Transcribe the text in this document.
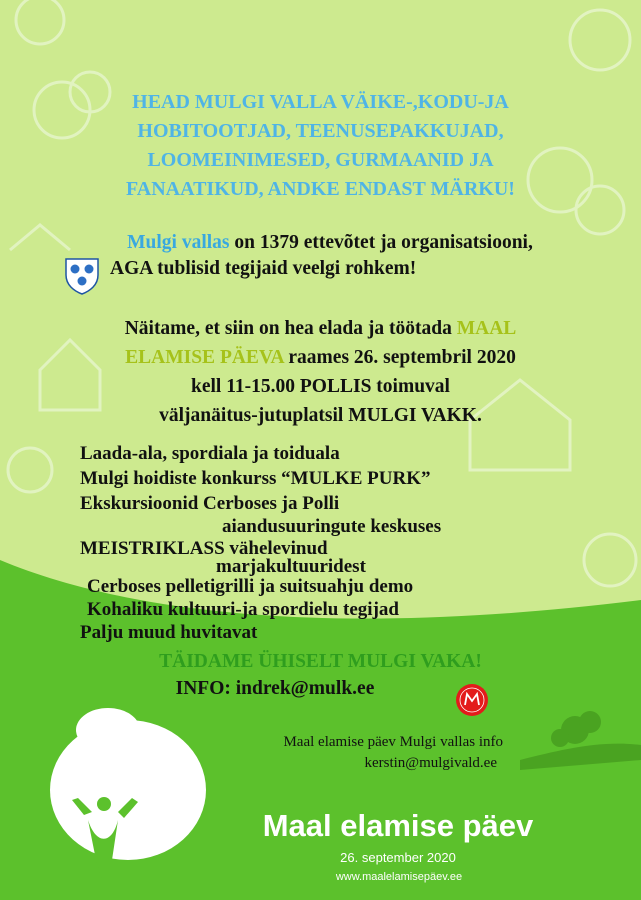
HEAD MULGI VALLA VÄIKE-,KODU-JA
HOBITOOTJAD, TEENUSEPAKKUJAD,
LOOMEINIMESED, GURMAANID JA
FANAATIKUD, ANDKE ENDAST MÄRKU!
Mulgi vallas on 1379 ettevõtet ja organisatsiooni,
AGA tublisid tegijaid veelgi rohkem!
Näitame, et siin on hea elada ja töötada MAAL
ELAMISE PÄEVA raames 26. septembril 2020
kell 11-15.00 POLLIS toimuval
väljanäitus-jutuplatsil MULGI VAKK.
Laada-ala, spordiala ja toiduala
Mulgi hoidiste konkurss “MULKE PURK”
Ekskursioonid Cerboses ja Polli
aiandusuuringute keskuses
MEISTRIKLASS vähelevinud
marjakultuuridest
Cerboses pelletigrilli ja suitsuahju demo
Kohaliku kultuuri-ja spordielu tegijad
Palju muud huvitavat
TÄIDAME ÜHISELT MULGI VAKA!
INFO: indrek@mulk.ee
Maal elamise päev Mulgi vallas info
kerstin@mulgivald.ee
Maal elamise päev
26. september 2020
www.maalelamisepäev.ee
